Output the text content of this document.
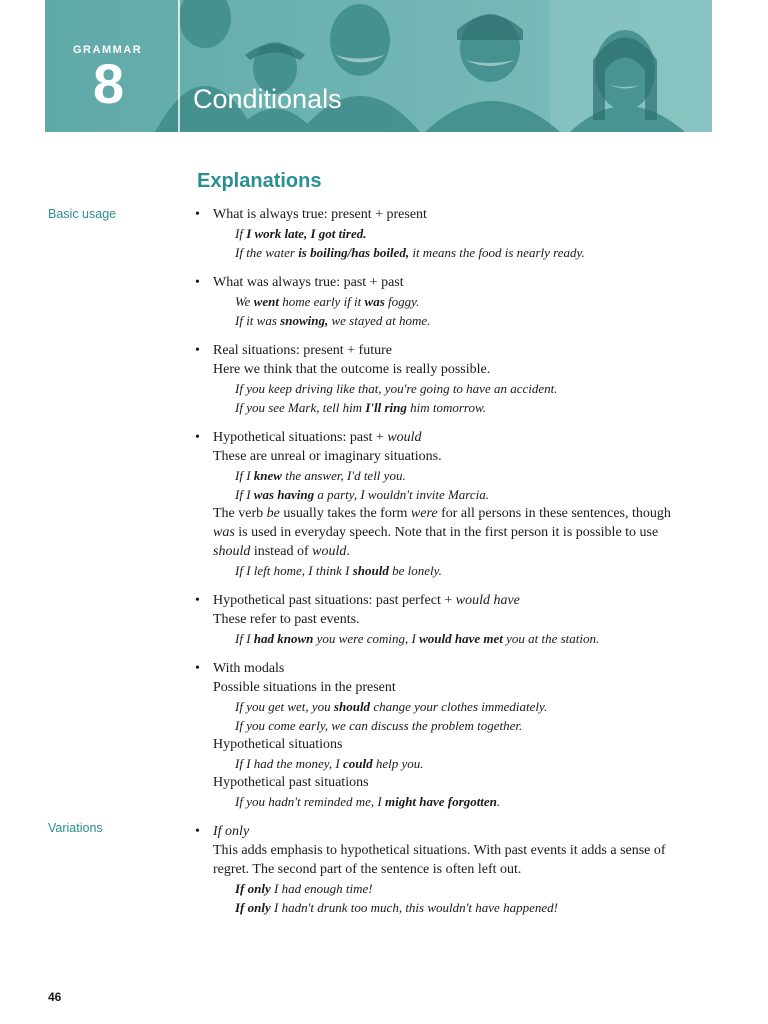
GRAMMAR
8	Conditionals
Explanations
Basic usage
Variations
• What is always true: present + present
If I work late, I got tired.
If the water is boiling/has boiled, it means the food is nearly ready.
• What was always true: past + past
We went home early if it was foggy.
If it was snowing, we stayed at home.
• Real situations: present + future
Here we think that the outcome is really possible.
If you keep driving like that, you're going to have an accident.
If you see Mark, tell him I'll ring him tomorrow.
• Hypothetical situations: past + would
These are unreal or imaginary situations.
If I knew the answer, I'd tell you.
If I was having a party, I wouldn't invite Marcia.
The verb be usually takes the form were for all persons in these sentences, though was is used in everyday speech. Note that in the first person it is possible to use should instead of would.
If I left home, I think I should be lonely.
• Hypothetical past situations: past perfect + would have
These refer to past events.
If I had known you were coming, I would have met you at the station.
• With modals
Possible situations in the present
If you get wet, you should change your clothes immediately.
If you come early, we can discuss the problem together.
Hypothetical situations
If I had the money, I could help you.
Hypothetical past situations
If you hadn't reminded me, I might have forgotten.
• If only
This adds emphasis to hypothetical situations. With past events it adds a sense of regret. The second part of the sentence is often left out.
If only I had enough time!
If only I hadn't drunk too much, this wouldn't have happened!
46
